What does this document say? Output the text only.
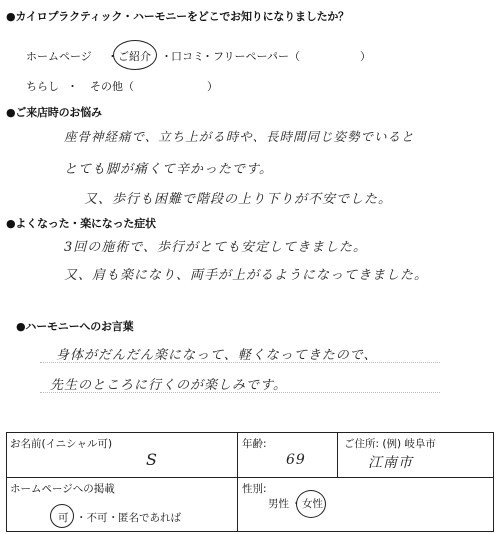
●カイロプラクティック・ハーモニーをどこでお知りになりましたか？
ホームページ ・ ご紹介 ・ 口コミ
・フリーペーパー（	）
ちらし ・ その他（	）
●ご来店時のお悩み
座骨神経痛で、立ち上がる時や、長時間同じ姿勢でいると
とても脚が痛くて辛かったです。
又、歩行も困難で階段の上り下りが不安でした。
●よくなった・楽になった症状
3回の施術で、歩行がとても安定してきました。
又、肩も楽になり、両手が上がるようになってきました。
●ハーモニーへのお言葉
身体がだんだん楽になって、軽くなってきたので、
先生のところに行くのが楽しみです。
お名前(イニシャル可)
S
年齢:
69
ご住所: (例) 岐阜市
江南市
ホームページへの掲載
可 ・不可 ・ 匿名であれば
性別:
男性 ・ 女性
